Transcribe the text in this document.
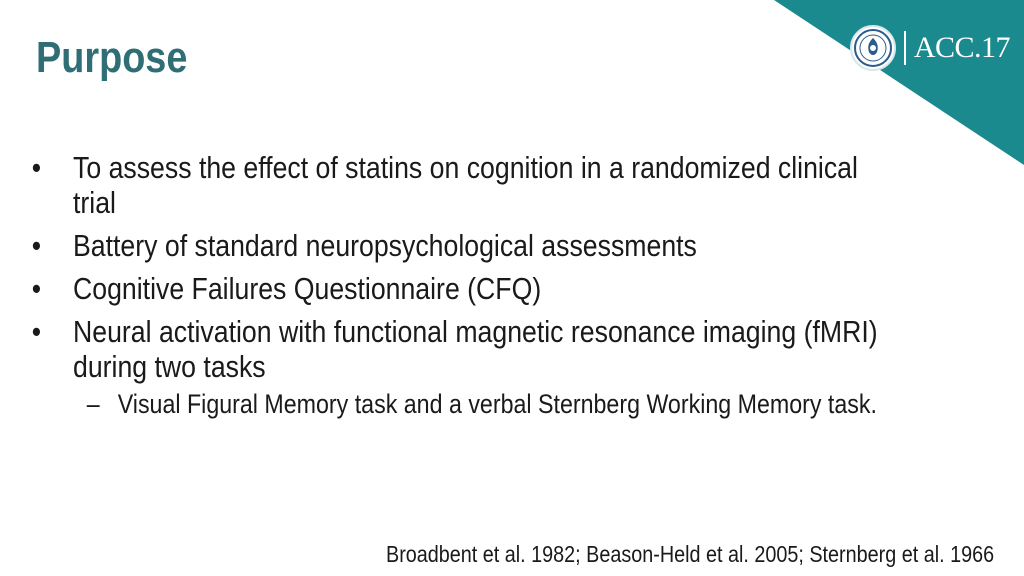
ACC.17
Purpose
• To assess the effect of statins on cognition in a randomized clinical trial
• Battery of standard neuropsychological assessments
• Cognitive Failures Questionnaire (CFQ)
• Neural activation with functional magnetic resonance imaging (fMRI) during two tasks
– Visual Figural Memory task and a verbal Sternberg Working Memory task.
Broadbent et al. 1982; Beason-Held et al. 2005; Sternberg et al. 1966
